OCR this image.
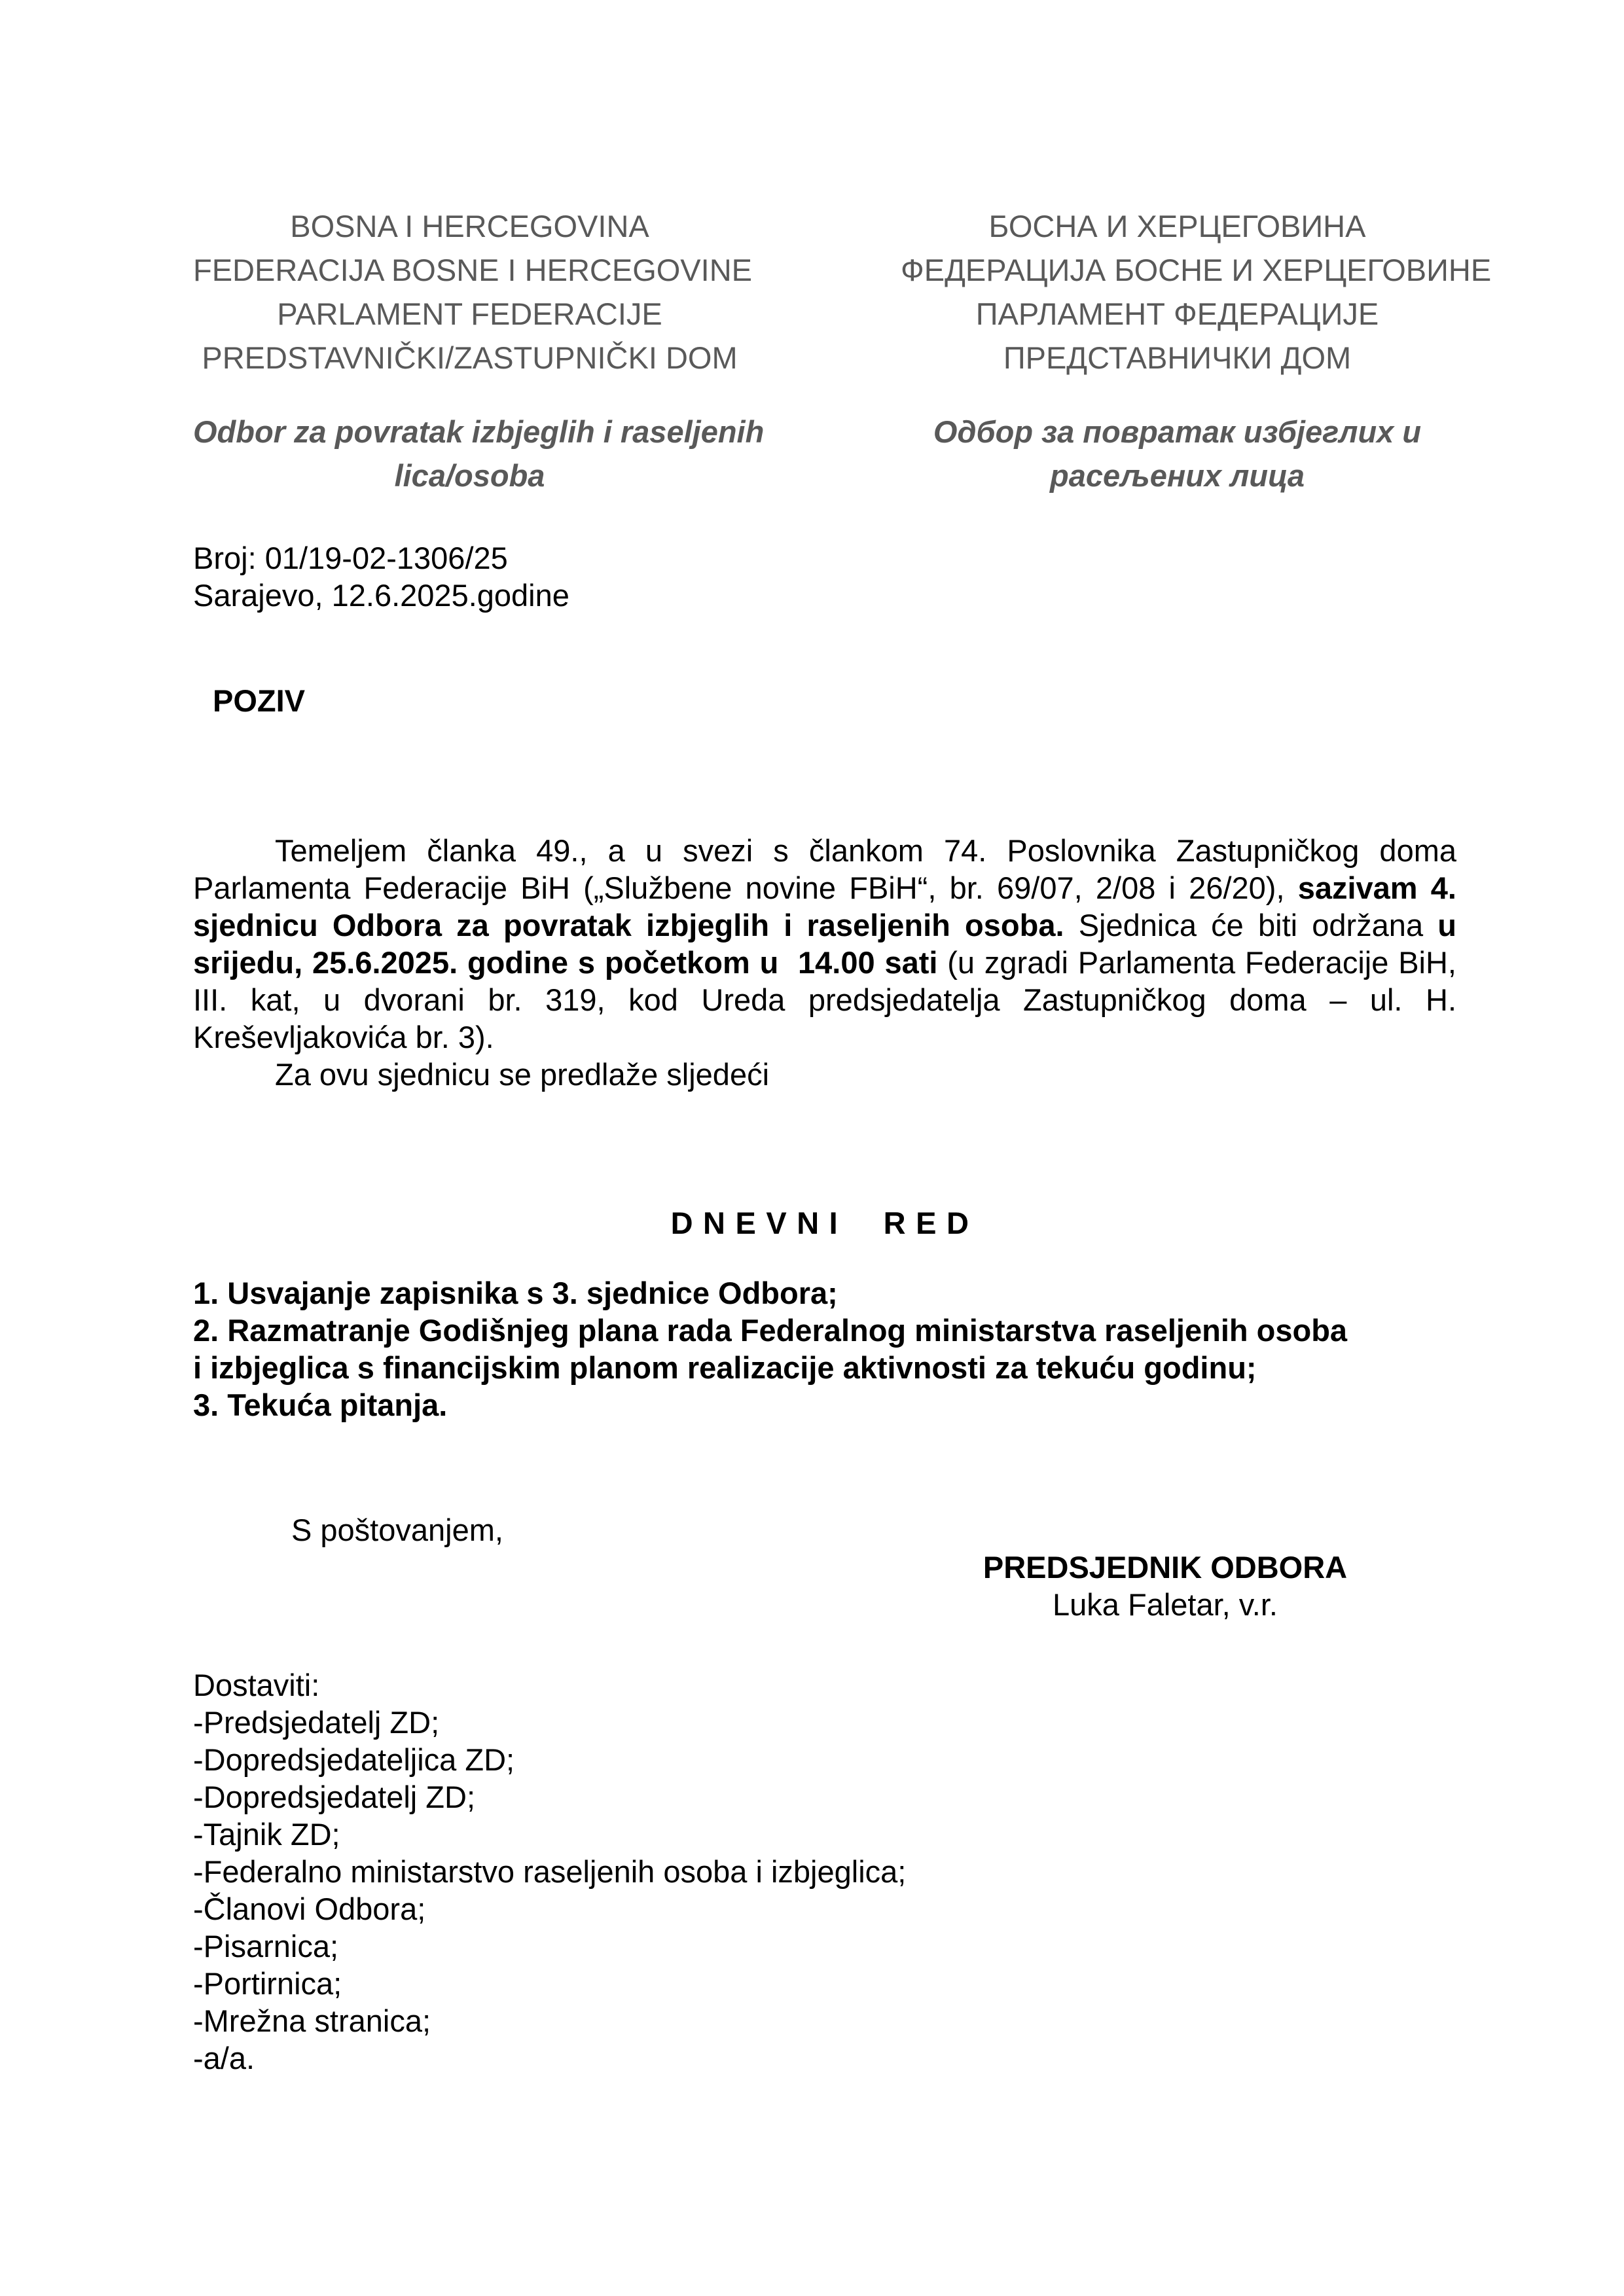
BOSNA I HERCEGOVINA
FEDERACIJA BOSNE I HERCEGOVINE
PARLAMENT FEDERACIJE
PREDSTAVNIČKI/ZASTUPNIČKI DOM
Odbor za povratak izbjeglih i raseljenih
lica/osoba
БОСНА И ХЕРЦЕГОВИНА
ФЕДЕРАЦИЈА БОСНЕ И ХЕРЦЕГОВИНЕ
ПАРЛАМЕНТ ФЕДЕРАЦИЈЕ
ПРЕДСТАВНИЧКИ ДОМ
Одбор за повратак избјеглих и
расељених лица
Broj: 01/19-02-1306/25
Sarajevo, 12.6.2025.godine
POZIV
Temeljem članka 49., a u svezi s člankom 74. Poslovnika Zastupničkog doma Parlamenta Federacije BiH („Službene novine FBiH“, br. 69/07, 2/08 i 26/20), sazivam 4. sjednicu Odbora za povratak izbjeglih i raseljenih osoba. Sjednica će biti održana u srijedu, 25.6.2025. godine s početkom u  14.00 sati (u zgradi Parlamenta Federacije BiH, III. kat, u dvorani br. 319, kod Ureda predsjedatelja Zastupničkog doma – ul. H. Kreševljakovića br. 3).
Za ovu sjednicu se predlaže sljedeći
DNEVNI RED
1. Usvajanje zapisnika s 3. sjednice Odbora;
2. Razmatranje Godišnjeg plana rada Federalnog ministarstva raseljenih osoba
i izbjeglica s financijskim planom realizacije aktivnosti za tekuću godinu;
3. Tekuća pitanja.
S poštovanjem,
PREDSJEDNIK ODBORA
Luka Faletar, v.r.
Dostaviti:
-Predsjedatelj ZD;
-Dopredsjedateljica ZD;
-Dopredsjedatelj ZD;
-Tajnik ZD;
-Federalno ministarstvo raseljenih osoba i izbjeglica;
-Članovi Odbora;
-Pisarnica;
-Portirnica;
-Mrežna stranica;
-a/a.
